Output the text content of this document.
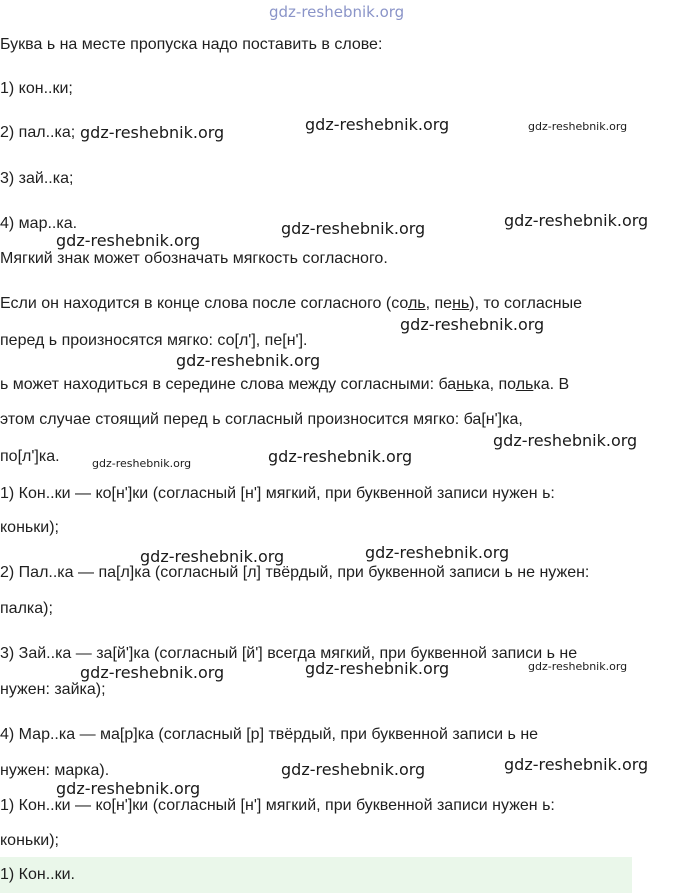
gdz-reshebnik.org
Буква ь на месте пропуска надо поставить в слове:
1) кон..ки;
2) пал..ка;
3) зай..ка;
4) мар..ка.
Мягкий знак может обозначать мягкость согласного.
Если он находится в конце слова после согласного (соль, пень), то согласные
перед ь произносятся мягко: со[л'], пе[н'].
ь может находиться в середине слова между согласными: банька, полька. В
этом случае стоящий перед ь согласный произносится мягко: ба[н']ка,
по[л']ка.
1) Кон..ки — ко[н']ки (согласный [н'] мягкий, при буквенной записи нужен ь:
коньки);
2) Пал..ка — па[л]ка (согласный [л] твёрдый, при буквенной записи ь не нужен:
палка);
3) Зай..ка — за[й']ка (согласный [й'] всегда мягкий, при буквенной записи ь не
нужен: зайка);
4) Мар..ка — ма[р]ка (согласный [р] твёрдый, при буквенной записи ь не
нужен: марка).
1) Кон..ки — ко[н']ки (согласный [н'] мягкий, при буквенной записи нужен ь:
коньки);
1) Кон..ки.
gdz-reshebnik.org	gdz-reshebnik.org	gdz-reshebnik.org
gdz-reshebnik.org	gdz-reshebnik.org
gdz-reshebnik.org
gdz-reshebnik.org
gdz-reshebnik.org
gdz-reshebnik.org
gdz-reshebnik.org	gdz-reshebnik.org
gdz-reshebnik.org	gdz-reshebnik.org
gdz-reshebnik.org	gdz-reshebnik.org	gdz-reshebnik.org
gdz-reshebnik.org	gdz-reshebnik.org
gdz-reshebnik.org
